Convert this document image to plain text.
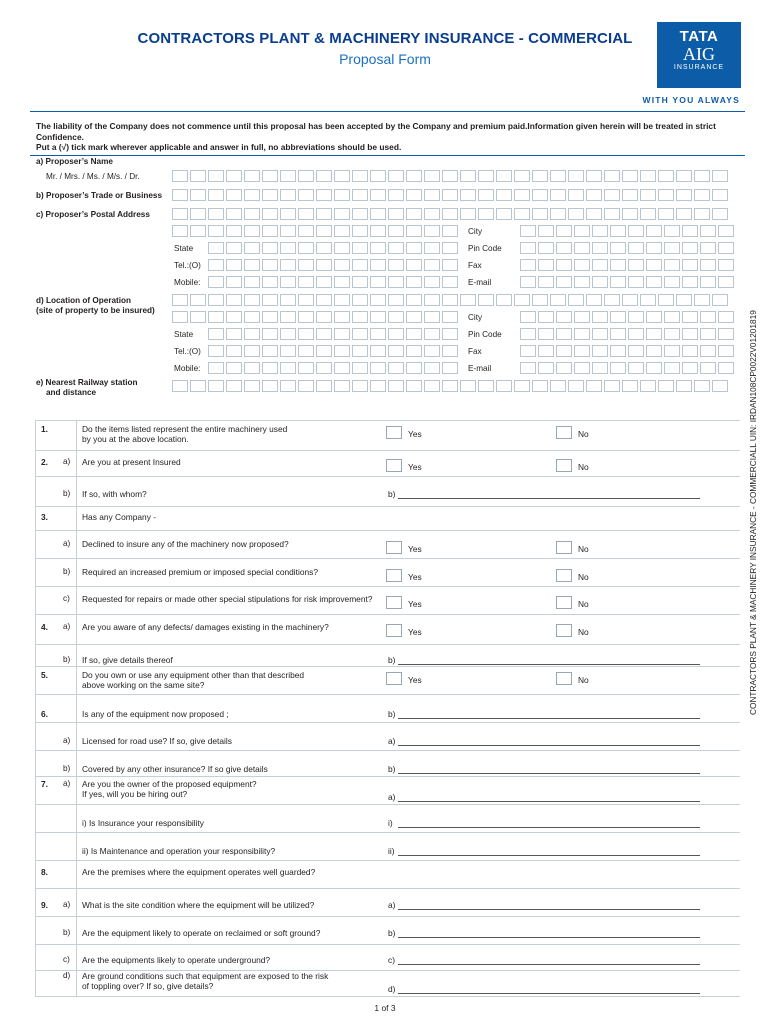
CONTRACTORS PLANT & MACHINERY INSURANCE - COMMERCIAL
Proposal Form
TATA
AIG
INSURANCE
WITH YOU ALWAYS
The liability of the Company does not commence until this proposal has been accepted by the Company and premium paid.Information given herein will be treated in strict Confidence.
Put a (√) tick mark wherever applicable and answer in full, no abbreviations should be used.
a) Proposer’s Name
Mr. / Mrs. / Ms. / M/s. / Dr.
b) Proposer’s Trade or Business
c) Proposer’s Postal Address
City
State	Pin Code
Tel.:(O)	Fax
Mobile:	E-mail
d) Location of Operation
(site of property to be insured)
City
State	Pin Code
Tel.:(O)	Fax
Mobile:	E-mail
e) Nearest Railway station
and distance
1.	Do the items listed represent the entire machinery used
by you at the above location.	Yes	No
2. a) Are you at present Insured	Yes	No
b) If so, with whom?	b)
3.	Has any Company -
a) Declined to insure any of the machinery now proposed?	Yes	No
b) Required an increased premium or imposed special conditions?	Yes	No
c) Requested for repairs or made other special stipulations for risk improvement?	Yes	No
4. a) Are you aware of any defects/ damages existing in the machinery?	Yes	No
b) If so, give details thereof	b)
5.	Do you own or use any equipment other than that described
above working on the same site?	Yes	No
6.	Is any of the equipment now proposed ;	b)
a) Licensed for road use? If so, give details	a)
b) Covered by any other insurance? If so give details	b)
7. a) Are you the owner of the proposed equipment?
If yes, will you be hiring out?	a)
i) Is Insurance your responsibility	i)
ii) Is Maintenance and operation your responsibility?	ii)
8.	Are the premises where the equipment operates well guarded?
9. a) What is the site condition where the equipment will be utilized?	a)
b) Are the equipment likely to operate on reclaimed or soft ground?	b)
c) Are the equipments likely to operate underground?	c)
d) Are ground conditions such that equipment are exposed to the risk
of toppling over? If so, give details?	d)
CONTRACTORS PLANT & MACHINERY INSURANCE - COMMERCIALL UIN: IRDAN108CP0022V01201819
1 of 3
